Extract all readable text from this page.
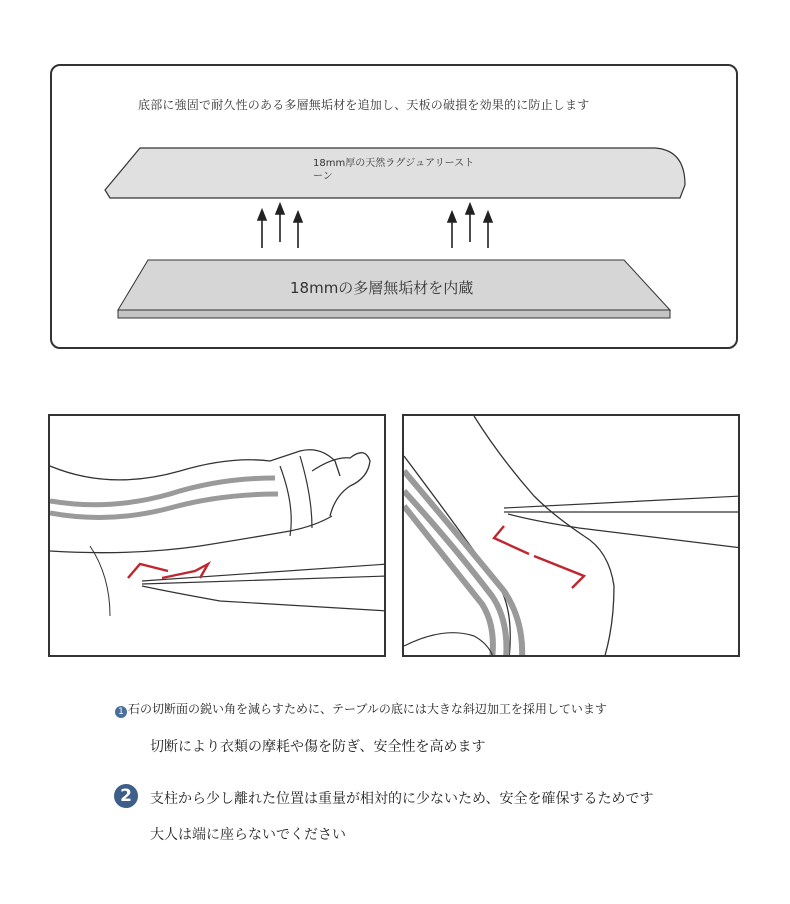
底部に強固で耐久性のある多層無垢材を追加し、天板の破損を効果的に防止します
18mm厚の天然ラグジュアリーストーン
18mmの多層無垢材を内蔵
1 石の切断面の鋭い角を減らすために、テーブルの底には大きな斜辺加工を採用しています
切断により衣類の摩耗や傷を防ぎ、安全性を高めます
2	支柱から少し離れた位置は重量が相対的に少ないため、安全を確保するためです
大人は端に座らないでください
